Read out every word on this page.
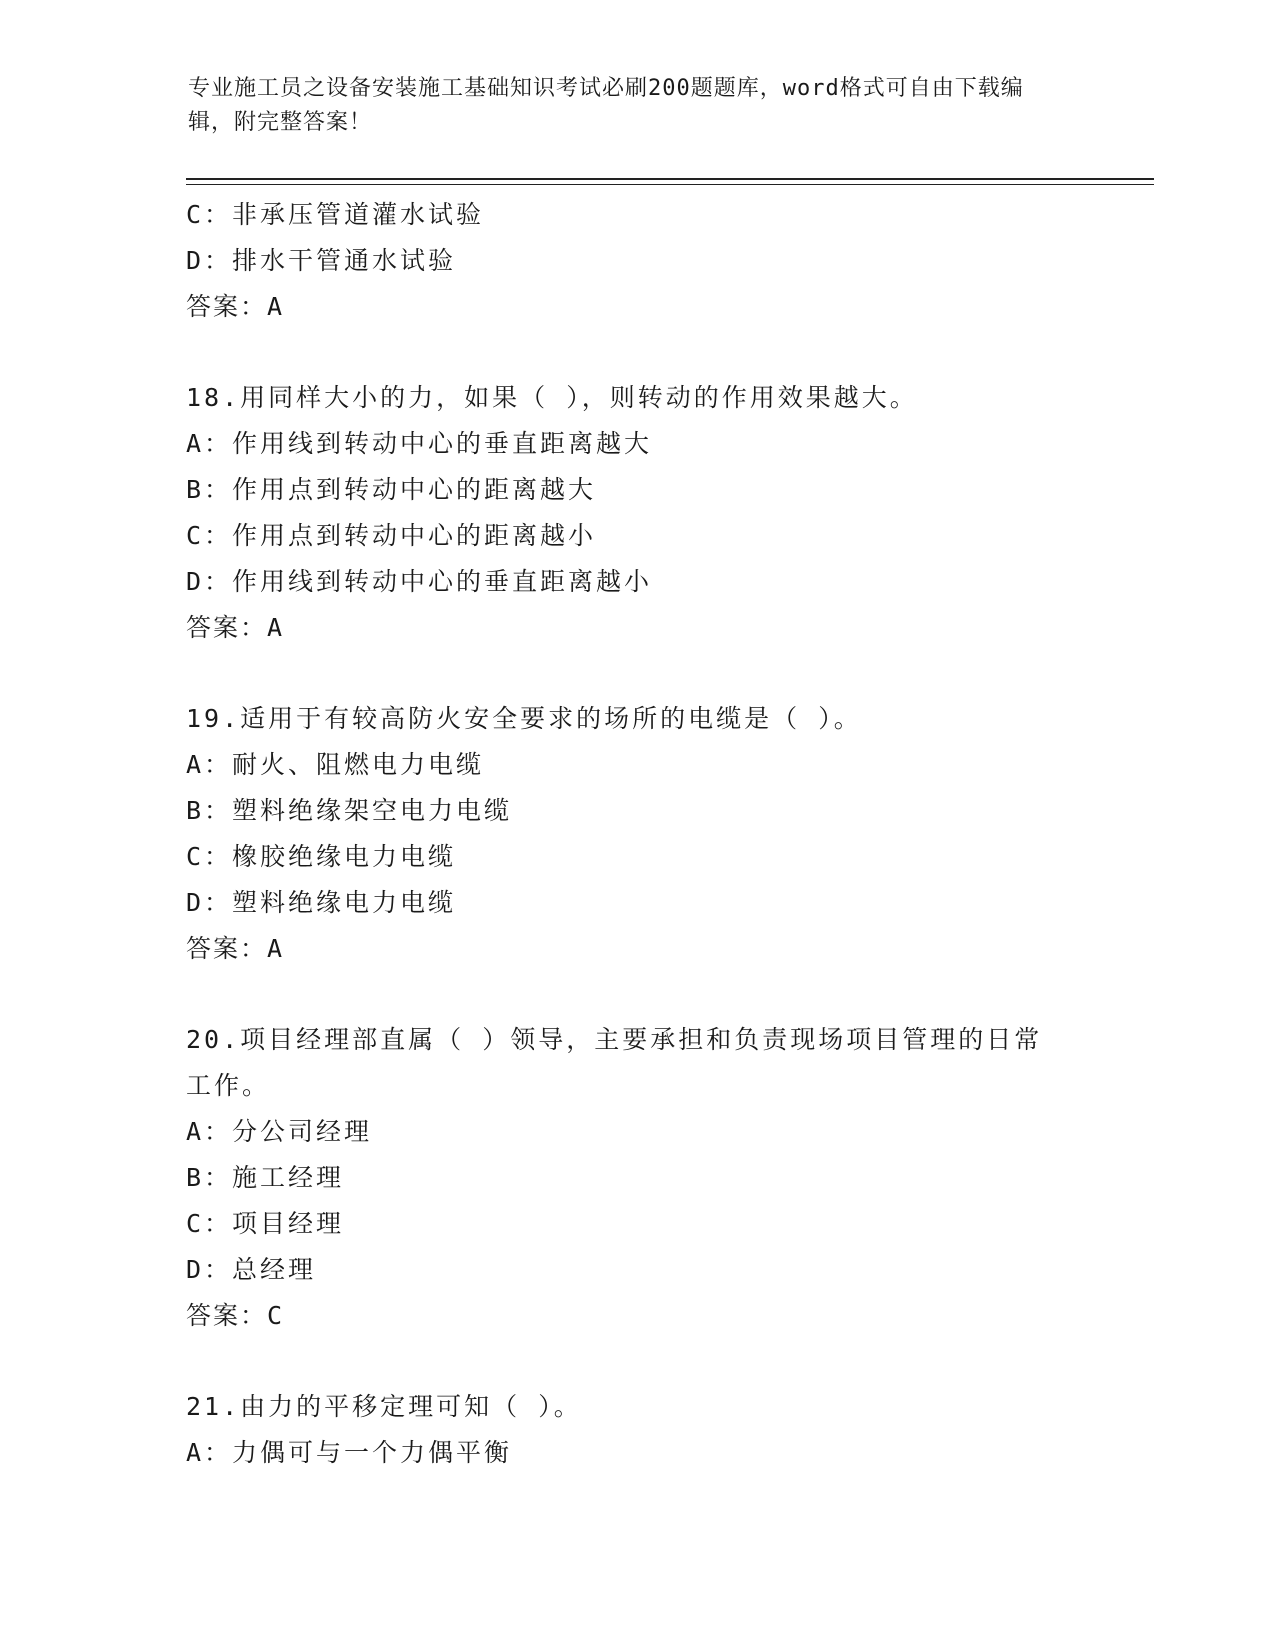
专业施工员之设备安装施工基础知识考试必刷200题题库，word格式可自由下载编辑，附完整答案！
C：非承压管道灌水试验
D：排水干管通水试验
答案：A
18.用同样大小的力，如果（ ），则转动的作用效果越大。
A：作用线到转动中心的垂直距离越大
B：作用点到转动中心的距离越大
C：作用点到转动中心的距离越小
D：作用线到转动中心的垂直距离越小
答案：A
19.适用于有较高防火安全要求的场所的电缆是（ ）。
A：耐火、阻燃电力电缆
B：塑料绝缘架空电力电缆
C：橡胶绝缘电力电缆
D：塑料绝缘电力电缆
答案：A
20.项目经理部直属（ ）领导，主要承担和负责现场项目管理的日常工作。
A：分公司经理
B：施工经理
C：项目经理
D：总经理
答案：C
21.由力的平移定理可知（ ）。
A：力偶可与一个力偶平衡
